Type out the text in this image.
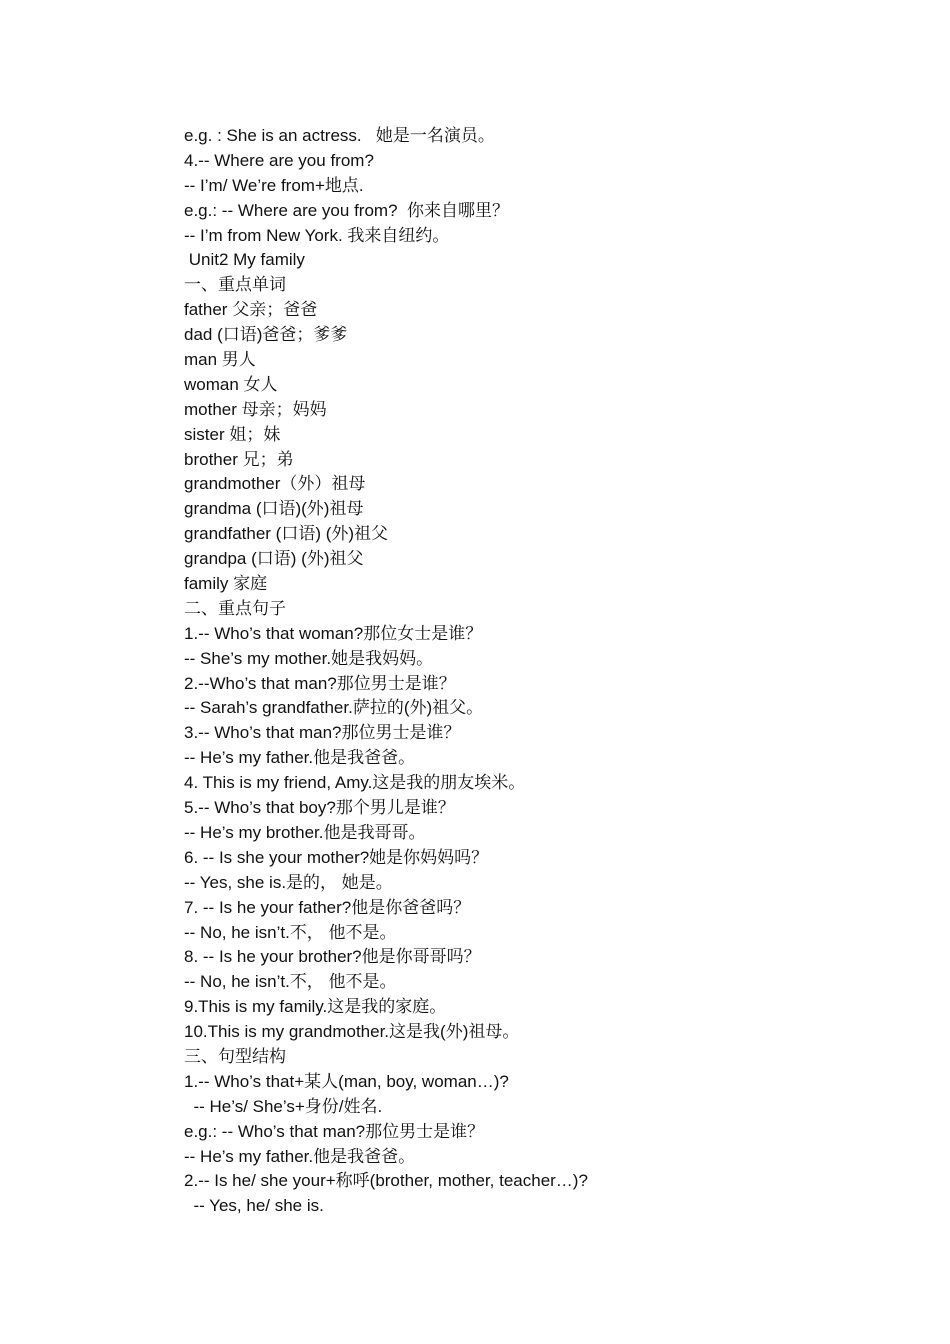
e.g. : She is an actress.   她是一名演员。
4.-- Where are you from?
-- I’m/ We’re from+地点.
e.g.: -- Where are you from?  你来自哪里？
-- I’m from New York. 我来自纽约。
Unit2 My family
一、重点单词
father 父亲；爸爸
dad (口语)爸爸；爹爹
man 男人
woman 女人
mother 母亲；妈妈
sister 姐；妹
brother 兄；弟
grandmother（外）祖母
grandma (口语)(外)祖母
grandfather (口语) (外)祖父
grandpa (口语) (外)祖父
family 家庭
二、重点句子
1.-- Who’s that woman?那位女士是谁？
-- She’s my mother.她是我妈妈。
2.--Who’s that man?那位男士是谁？
-- Sarah’s grandfather.萨拉的(外)祖父。
3.-- Who’s that man?那位男士是谁？
-- He’s my father.他是我爸爸。
4. This is my friend, Amy.这是我的朋友埃米。
5.-- Who’s that boy?那个男儿是谁？
-- He’s my brother.他是我哥哥。
6. -- Is she your mother?她是你妈妈吗？
-- Yes, she is.是的， 她是。
7. -- Is he your father?他是你爸爸吗？
-- No, he isn’t.不， 他不是。
8. -- Is he your brother?他是你哥哥吗？
-- No, he isn’t.不， 他不是。
9.This is my family.这是我的家庭。
10.This is my grandmother.这是我(外)祖母。
三、句型结构
1.-- Who’s that+某人(man, boy, woman…)?
-- He’s/ She’s+身份/姓名.
e.g.: -- Who’s that man?那位男士是谁？
-- He’s my father.他是我爸爸。
2.-- Is he/ she your+称呼(brother, mother, teacher…)?
-- Yes, he/ she is.
